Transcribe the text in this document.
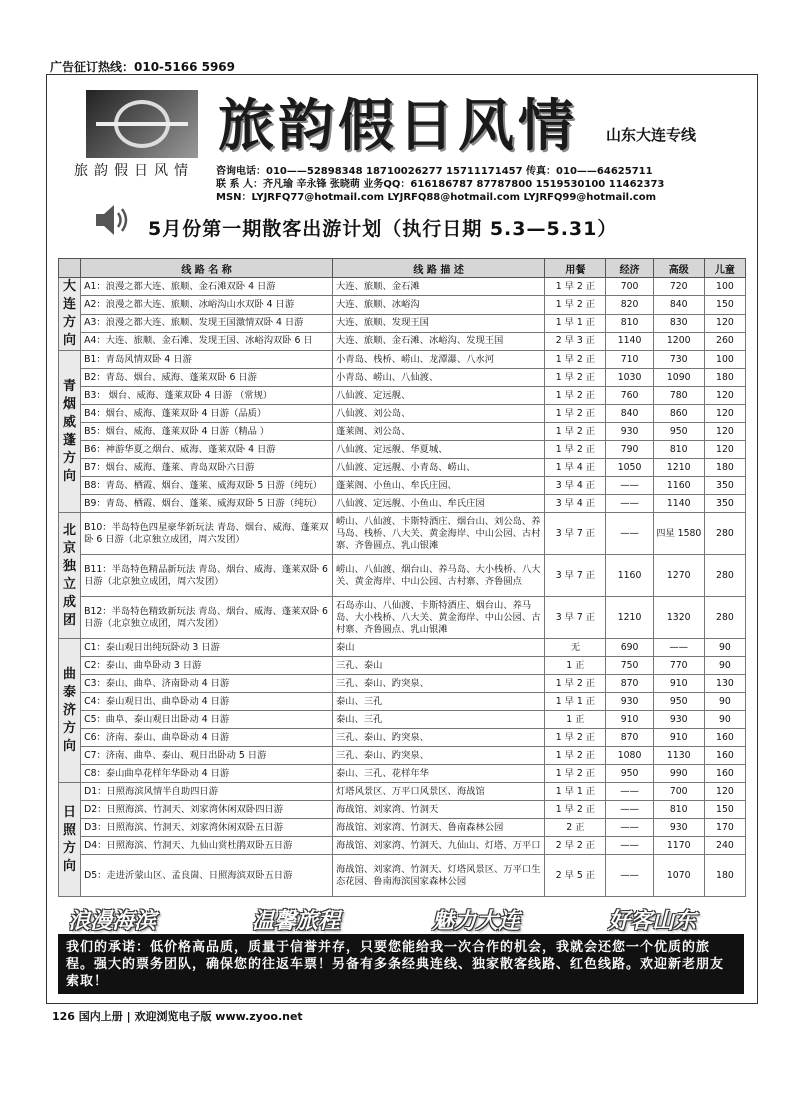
广告征订热线：010-5166 5969
旅韵假日风情
旅韵假日风情 山东大连专线
咨询电话：010——52898348 18710026277 15711171457 传真：010——64625711
联 系 人：齐凡瑜 辛永锋 张晓萌 业务QQ：616186787 87787800 1519530100 11462373
MSN：LYJRFQ77@hotmail.com LYJRFQ88@hotmail.com LYJRFQ99@hotmail.com
5月份第一期散客出游计划（执行日期 5.3—5.31）
	线 路 名 称	线 路 描 述	用餐	经济	高级	儿童
大连方向	A1：浪漫之都大连、旅顺、金石滩双卧 4 日游	大连、旅顺、金石滩	1 早 2 正	700	720	100
	A2：浪漫之都大连、旅顺、冰峪沟山水双卧 4 日游	大连、旅顺、冰峪沟	1 早 2 正	820	840	150
	A3：浪漫之都大连、旅顺、发现王国激情双卧 4 日游	大连、旅顺、发现王国	1 早 1 正	810	830	120
	A4：大连、旅顺、金石滩、发现王国、冰峪沟双卧 6 日	大连、旅顺、金石滩、冰峪沟、发现王国	2 早 3 正	1140	1200	260
青烟威蓬方向	B1：青岛风情双卧 4 日游	小青岛、栈桥、崂山、龙潭瀑、八水河	1 早 2 正	710	730	100
	B2：青岛、烟台、威海、蓬莱双卧 6 日游	小青岛、崂山、八仙渡、	1 早 2 正	1030	1090	180
	B3： 烟台、威海、蓬莱双卧 4 日游 （常规）	八仙渡、定远舰、	1 早 2 正	760	780	120
	B4：烟台、威海、蓬莱双卧 4 日游（品质）	八仙渡、刘公岛、	1 早 2 正	840	860	120
	B5：烟台、威海、蓬莱双卧 4 日游（精品 ）	蓬莱阁、刘公岛、	1 早 2 正	930	950	120
	B6：神游华夏之烟台、威海、蓬莱双卧 4 日游	八仙渡、定远舰、华夏城、	1 早 2 正	790	810	120
	B7：烟台、威海、蓬莱、青岛双卧六日游	八仙渡、定远舰、小青岛、崂山、	1 早 4 正	1050	1210	180
	B8：青岛、栖霞、烟台、蓬莱、威海双卧 5 日游（纯玩）	蓬莱阁、小鱼山、牟氏庄园、	3 早 4 正	——	1160	350
	B9：青岛、栖霞、烟台、蓬莱、威海双卧 5 日游（纯玩）	八仙渡、定远舰、小鱼山、牟氏庄园	3 早 4 正	——	1140	350
北京独立成团	B10：半岛特色四星豪华新玩法 青岛、烟台、威海、蓬莱双卧 6 日游（北京独立成团，周六发团）	崂山、八仙渡、卡斯特酒庄、烟台山、刘公岛、养马岛、栈桥、八大关、黄金海岸、中山公园、古村寨、齐鲁圆点、乳山银滩	3 早 7 正	——	四星 1580	280
	B11：半岛特色精品新玩法 青岛、烟台、威海、蓬莱双卧 6 日游（北京独立成团，周六发团）	崂山、八仙渡、烟台山、养马岛、大小栈桥、八大关、黄金海岸、中山公园、古村寨、齐鲁圆点	3 早 7 正	1160	1270	280
	B12：半岛特色精致新玩法 青岛、烟台、威海、蓬莱双卧 6 日游（北京独立成团，周六发团）	石岛赤山、八仙渡、卡斯特酒庄、烟台山、养马岛、大小栈桥、八大关、黄金海岸、中山公园、古村寨、齐鲁圆点、乳山银滩	3 早 7 正	1210	1320	280
曲泰济方向	C1：泰山观日出纯玩卧动 3 日游	泰山	无	690	——	90
	C2：泰山、曲阜卧动 3 日游	三孔、泰山	1 正	750	770	90
	C3：泰山、曲阜、济南卧动 4 日游	三孔、泰山、趵突泉、	1 早 2 正	870	910	130
	C4：泰山观日出、曲阜卧动 4 日游	泰山、三孔	1 早 1 正	930	950	90
	C5：曲阜、泰山观日出卧动 4 日游	泰山、三孔	1 正	910	930	90
	C6：济南、泰山、曲阜卧动 4 日游	三孔、泰山、趵突泉、	1 早 2 正	870	910	160
	C7：济南、曲阜、泰山、观日出卧动 5 日游	三孔、泰山、趵突泉、	1 早 2 正	1080	1130	160
	C8：泰山曲阜花样年华卧动 4 日游	泰山、三孔、花样年华	1 早 2 正	950	990	160
日照方向	D1：日照海滨风情半自助四日游	灯塔风景区、万平口风景区、海战馆	1 早 1 正	——	700	120
	D2：日照海滨、竹洞天、刘家湾休闲双卧四日游	海战馆、刘家湾、竹洞天	1 早 2 正	——	810	150
	D3：日照海滨、竹洞天、刘家湾休闲双卧五日游	海战馆、刘家湾、竹洞天、鲁南森林公园	2 正	——	930	170
	D4：日照海滨、竹洞天、九仙山赏杜鹃双卧五日游	海战馆、刘家湾、竹洞天、九仙山、灯塔、万平口	2 早 2 正	——	1170	240
	D5：走进沂蒙山区、孟良崮、日照海滨双卧五日游	海战馆、刘家湾、竹洞天、灯塔风景区、万平口生态花园、鲁南海滨国家森林公园	2 早 5 正	——	1070	180
浪漫海滨	温馨旅程	魅力大连	好客山东
我们的承诺：低价格高品质，质量于信誉并存，只要您能给我一次合作的机会，我就会还您一个优质的旅程。强大的票务团队，确保您的往返车票！另备有多条经典连线、独家散客线路、红色线路。欢迎新老朋友索取！
126 国内上册 | 欢迎浏览电子版 www.zyoo.net
